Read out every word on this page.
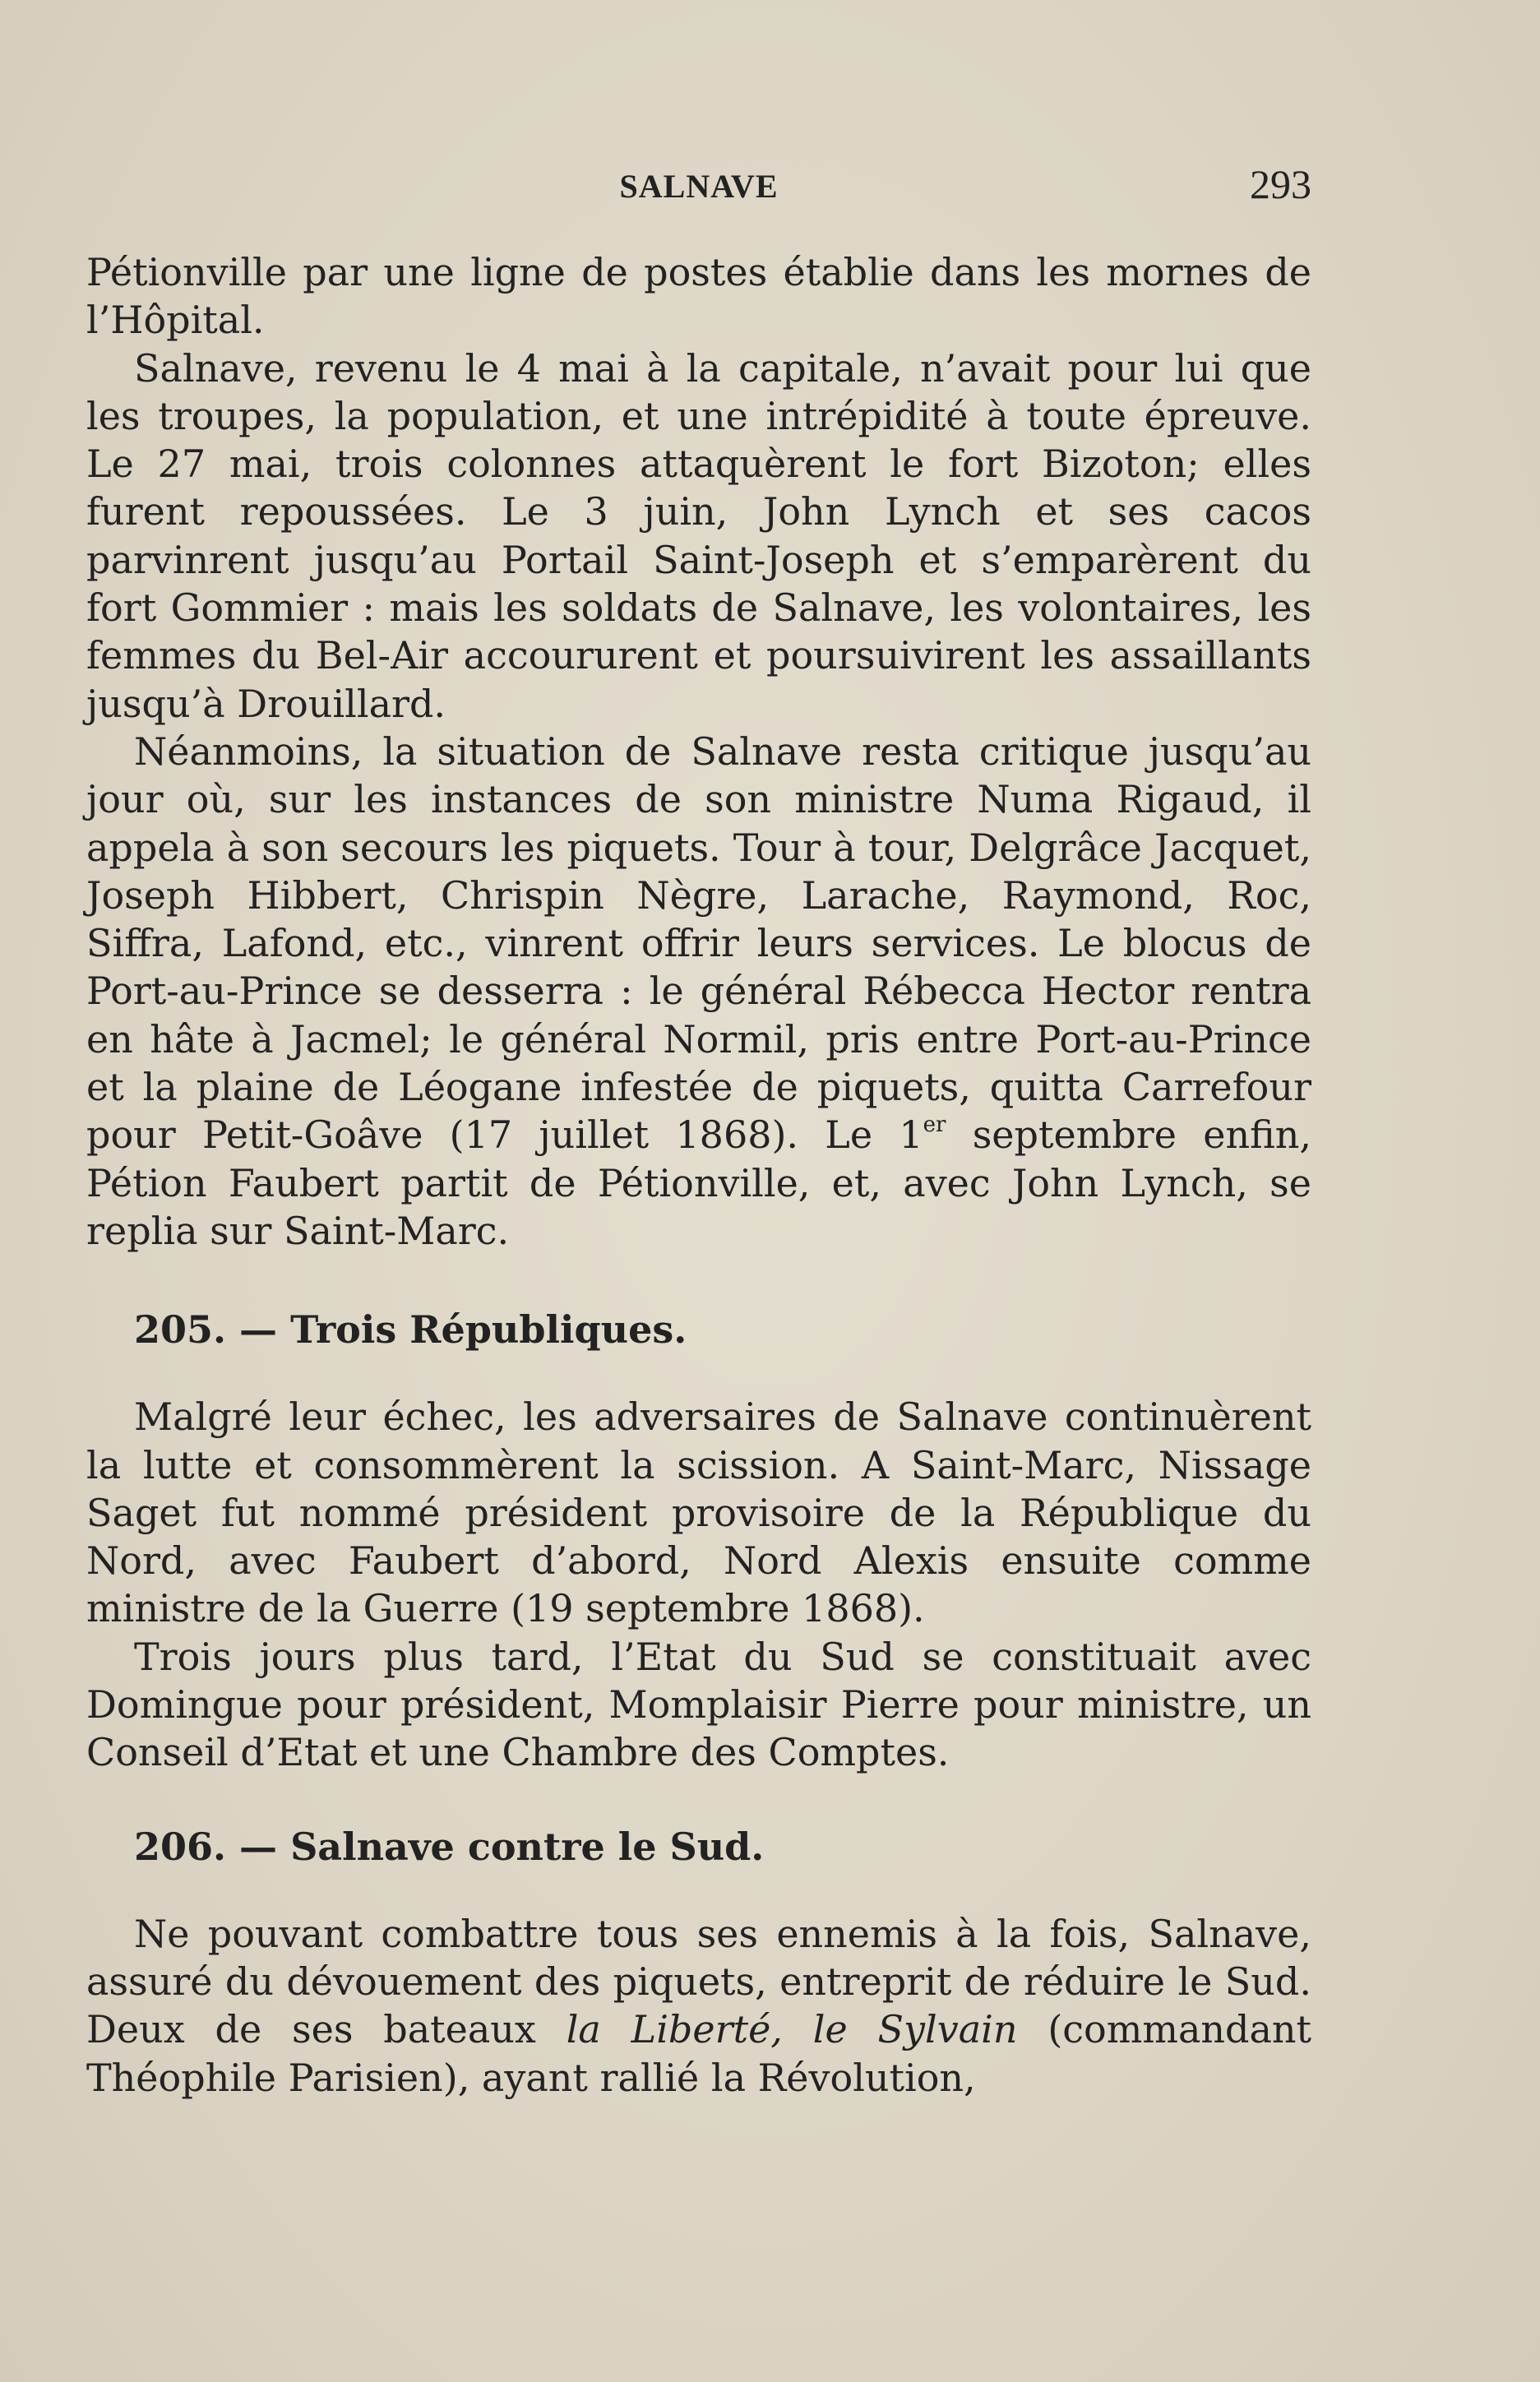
SALNAVE	293

Pétionville par une ligne de postes établie dans les mornes de l’Hôpital.

Salnave, revenu le 4 mai à la capitale, n’avait pour lui que les troupes, la population, et une intrépidité à toute épreuve. Le 27 mai, trois colonnes attaquèrent le fort Bizoton; elles furent repoussées. Le 3 juin, John Lynch et ses cacos parvinrent jusqu’au Portail Saint-Joseph et s’emparèrent du fort Gommier : mais les soldats de Salnave, les volontaires, les femmes du Bel-Air accoururent et poursuivirent les assaillants jusqu’à Drouillard.

Néanmoins, la situation de Salnave resta critique jusqu’au jour où, sur les instances de son ministre Numa Rigaud, il appela à son secours les piquets. Tour à tour, Delgrâce Jacquet, Joseph Hibbert, Chrispin Nègre, Larache, Raymond, Roc, Siffra, Lafond, etc., vinrent offrir leurs services. Le blocus de Port-au-Prince se desserra : le général Rébecca Hector rentra en hâte à Jacmel; le général Normil, pris entre Port-au-Prince et la plaine de Léogane infestée de piquets, quitta Carrefour pour Petit-Goâve (17 juillet 1868). Le 1er septembre enfin, Pétion Faubert partit de Pétionville, et, avec John Lynch, se replia sur Saint-Marc.

205. — Trois Républiques.

Malgré leur échec, les adversaires de Salnave continuèrent la lutte et consommèrent la scission. A Saint-Marc, Nissage Saget fut nommé président provisoire de la République du Nord, avec Faubert d’abord, Nord Alexis ensuite comme ministre de la Guerre (19 septembre 1868).

Trois jours plus tard, l’Etat du Sud se constituait avec Domingue pour président, Momplaisir Pierre pour ministre, un Conseil d’Etat et une Chambre des Comptes.

206. — Salnave contre le Sud.

Ne pouvant combattre tous ses ennemis à la fois, Salnave, assuré du dévouement des piquets, entreprit de réduire le Sud. Deux de ses bateaux la Liberté, le Sylvain (commandant Théophile Parisien), ayant rallié la Révolution,
